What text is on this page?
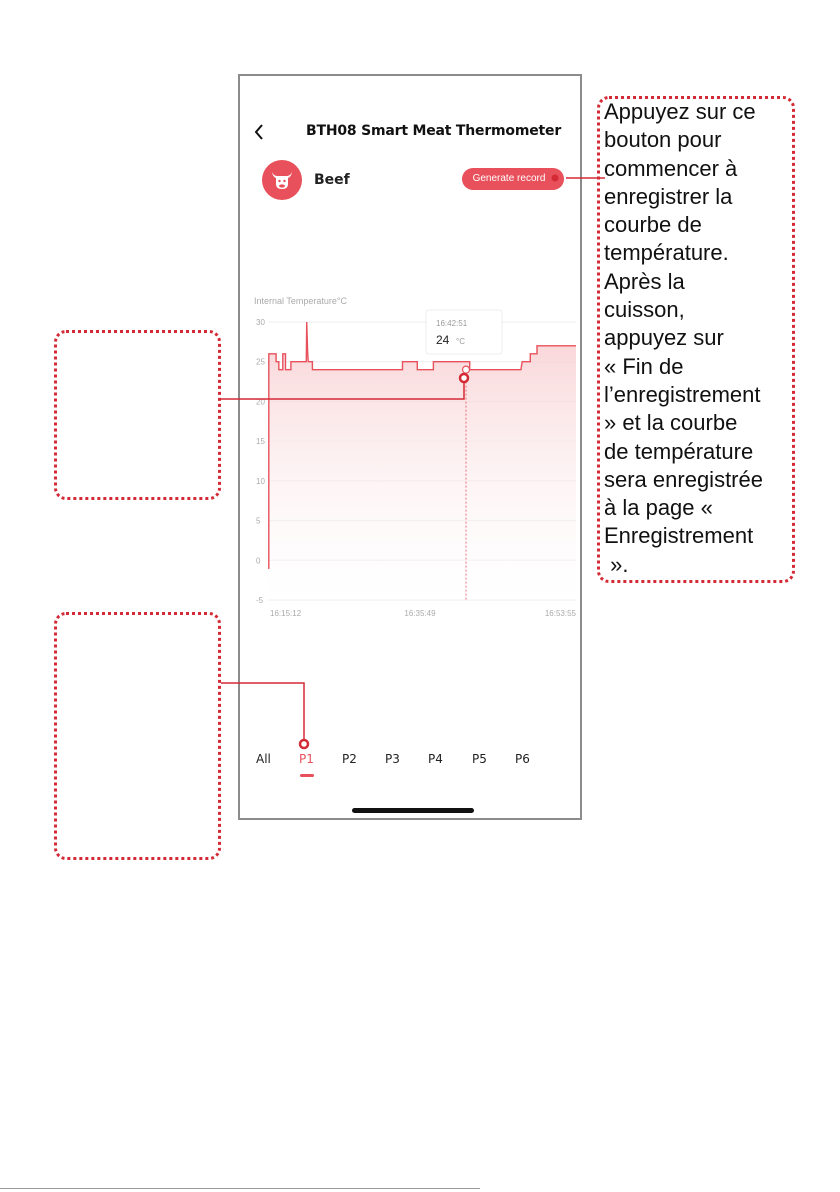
BTH08 Smart Meat Thermometer
Beef	Generate record
Internal Temperature°C
30
25
20
15
10
5
0
-5
16:15:12	16:35:49	16:53:55
16:42:51
24 °C
All P1 P2 P3 P4 P5 P6
Appuyez sur ce
bouton pour
commencer à
enregistrer la
courbe de
température.
Après la
cuisson,
appuyez sur
« Fin de
l’enregistrement
» et la courbe
de température
sera enregistrée
à la page «
Enregistrement
».
